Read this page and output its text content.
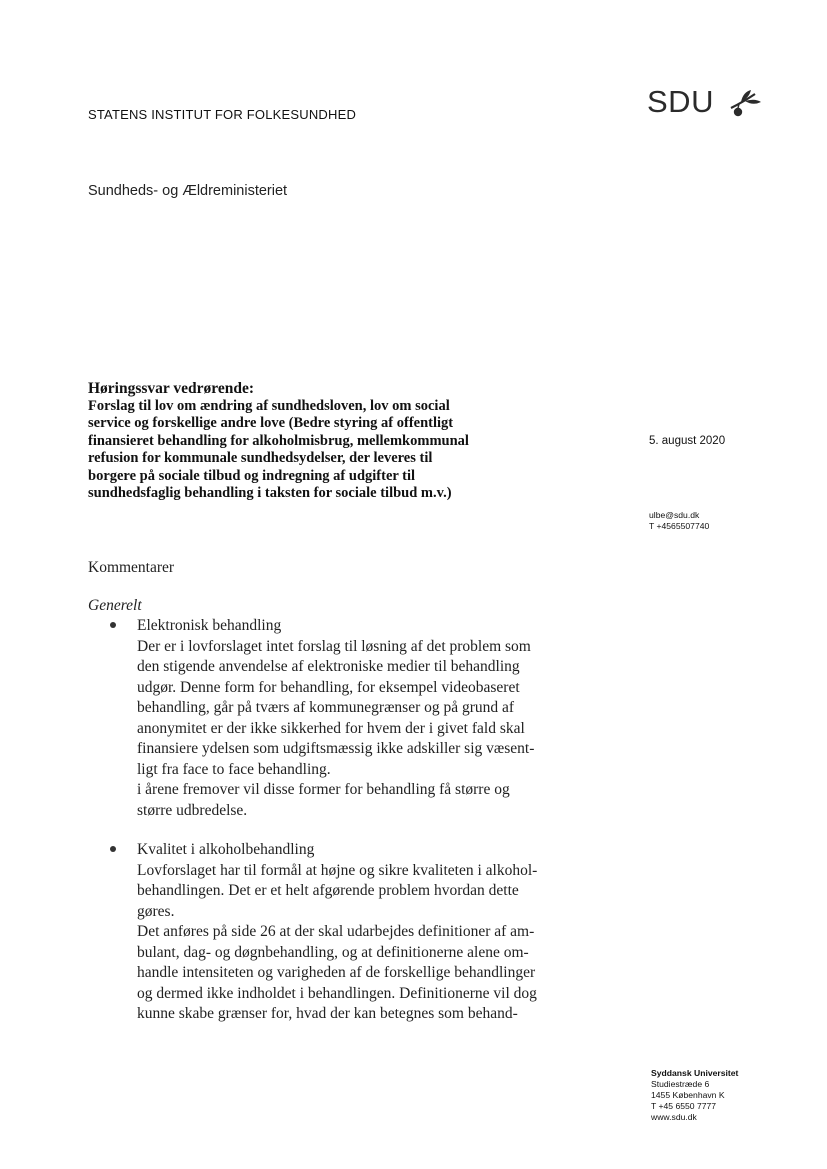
STATENS INSTITUT FOR FOLKESUNDHED	SDU
Sundheds- og Ældreministeriet
Høringssvar vedrørende:
Forslag til lov om ændring af sundhedsloven, lov om social
service og forskellige andre love (Bedre styring af offentligt
finansieret behandling for alkoholmisbrug, mellemkommunal
refusion for kommunale sundhedsydelser, der leveres til
borgere på sociale tilbud og indregning af udgifter til
sundhedsfaglig behandling i taksten for sociale tilbud m.v.)
5. august 2020
ulbe@sdu.dk
T +4565507740
Kommentarer
Generelt
Elektronisk behandling
Der er i lovforslaget intet forslag til løsning af det problem som
den stigende anvendelse af elektroniske medier til behandling
udgør. Denne form for behandling, for eksempel videobaseret
behandling, går på tværs af kommunegrænser og på grund af
anonymitet er der ikke sikkerhed for hvem der i givet fald skal
finansiere ydelsen som udgiftsmæssig ikke adskiller sig væsent-
ligt fra face to face behandling.
i årene fremover vil disse former for behandling få større og
større udbredelse.
Kvalitet i alkoholbehandling
Lovforslaget har til formål at højne og sikre kvaliteten i alkohol-
behandlingen. Det er et helt afgørende problem hvordan dette
gøres.
Det anføres på side 26 at der skal udarbejdes definitioner af am-
bulant, dag- og døgnbehandling, og at definitionerne alene om-
handle intensiteten og varigheden af de forskellige behandlinger
og dermed ikke indholdet i behandlingen. Definitionerne vil dog
kunne skabe grænser for, hvad der kan betegnes som behand-
Syddansk Universitet
Studiestræde 6
1455 København K
T +45 6550 7777
www.sdu.dk
